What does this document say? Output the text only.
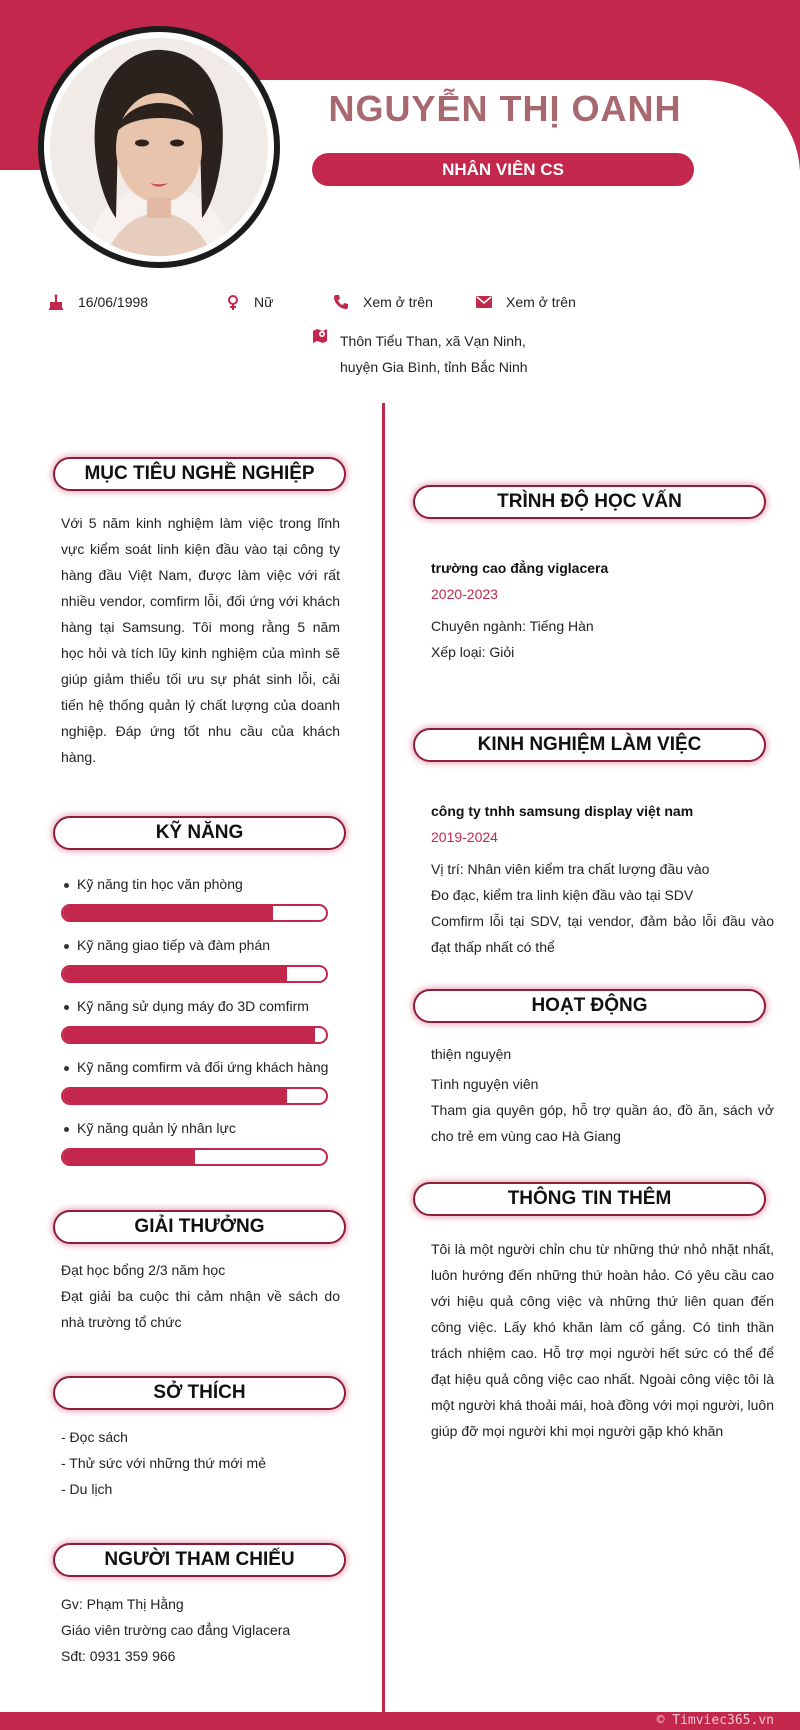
NGUYỄN THỊ OANH
NHÂN VIÊN CS
16/06/1998	Nữ	Xem ở trên	Xem ở trên
Thôn Tiểu Than, xã Vạn Ninh,
huyện Gia Bình, tỉnh Bắc Ninh
MỤC TIÊU NGHỀ NGHIỆP
Với 5 năm kinh nghiệm làm việc trong lĩnh vực kiểm soát linh kiện đầu vào tại công ty hàng đầu Việt Nam, được làm việc với rất nhiều vendor, comfirm lỗi, đối ứng với khách hàng tại Samsung. Tôi mong rằng 5 năm học hỏi và tích lũy kinh nghiệm của mình sẽ giúp giảm thiểu tối ưu sự phát sinh lỗi, cải tiến hệ thống quản lý chất lượng của doanh nghiệp. Đáp ứng tốt nhu cầu của khách hàng.
KỸ NĂNG
Kỹ năng tin học văn phòng
Kỹ năng giao tiếp và đàm phán
Kỹ năng sử dụng máy đo 3D comfirm
Kỹ năng comfirm và đối ứng khách hàng
Kỹ năng quản lý nhân lực
GIẢI THƯỞNG
Đạt học bổng 2/3 năm học
Đạt giải ba cuộc thi cảm nhận về sách do nhà trường tổ chức
SỞ THÍCH
- Đọc sách
- Thử sức với những thứ mới mẻ
- Du lịch
NGƯỜI THAM CHIẾU
Gv: Phạm Thị Hằng
Giáo viên trường cao đẳng Viglacera
Sđt: 0931 359 966
TRÌNH ĐỘ HỌC VẤN
trường cao đẳng viglacera
2020-2023
Chuyên ngành: Tiếng Hàn
Xếp loại: Giỏi
KINH NGHIỆM LÀM VIỆC
công ty tnhh samsung display việt nam
2019-2024
Vị trí: Nhân viên kiểm tra chất lượng đầu vào
Đo đạc, kiểm tra linh kiện đầu vào tại SDV
Comfirm lỗi tại SDV, tại vendor, đảm bảo lỗi đầu vào đạt thấp nhất có thể
HOẠT ĐỘNG
thiện nguyện
Tình nguyện viên
Tham gia quyên góp, hỗ trợ quần áo, đồ ăn, sách vở cho trẻ em vùng cao Hà Giang
THÔNG TIN THÊM
Tôi là một người chỉn chu từ những thứ nhỏ nhặt nhất, luôn hướng đến những thứ hoàn hảo. Có yêu cầu cao với hiệu quả công việc và những thứ liên quan đến công việc. Lấy khó khăn làm cố gắng. Có tinh thần trách nhiệm cao. Hỗ trợ mọi người hết sức có thể để đạt hiệu quả công việc cao nhất. Ngoài công việc tôi là một người khá thoải mái, hoà đồng với mọi người, luôn giúp đỡ mọi người khi mọi người gặp khó khăn
© Timviec365.vn
